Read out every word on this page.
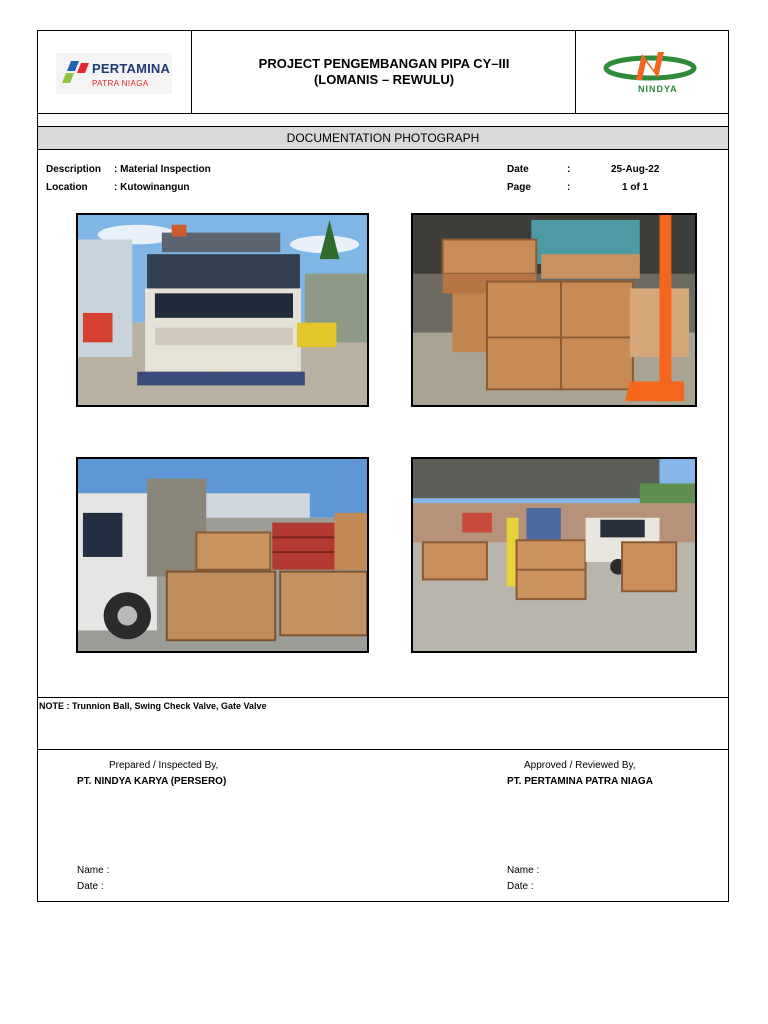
PERTAMINA
PATRA NIAGA
PROJECT PENGEMBANGAN PIPA CY–III
(LOMANIS – REWULU)
NINDYA
DOCUMENTATION PHOTOGRAPH
Description : Material Inspection
Location	: Kutowinangun
Date	:	25-Aug-22
Page	:	1 of 1
NOTE : Trunnion Ball, Swing Check Valve, Gate Valve
Prepared / Inspected By,
PT. NINDYA KARYA (PERSERO)
Name :
Date :
Approved / Reviewed By,
PT. PERTAMINA PATRA NIAGA
Name :
Date :
